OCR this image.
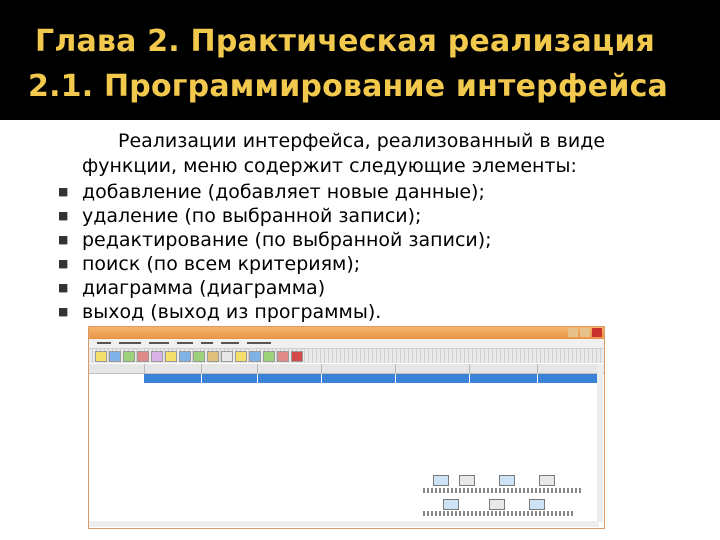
Глава 2. Практическая реализация
2.1. Программирование интерфейса
Реализации интерфейса, реализованный в виде
функции, меню содержит следующие элементы:
■ добавление (добавляет новые данные);
■ удаление (по выбранной записи);
■ редактирование (по выбранной записи);
■ поиск (по всем критериям);
■ диаграмма (диаграмма)
■ выход (выход из программы).
